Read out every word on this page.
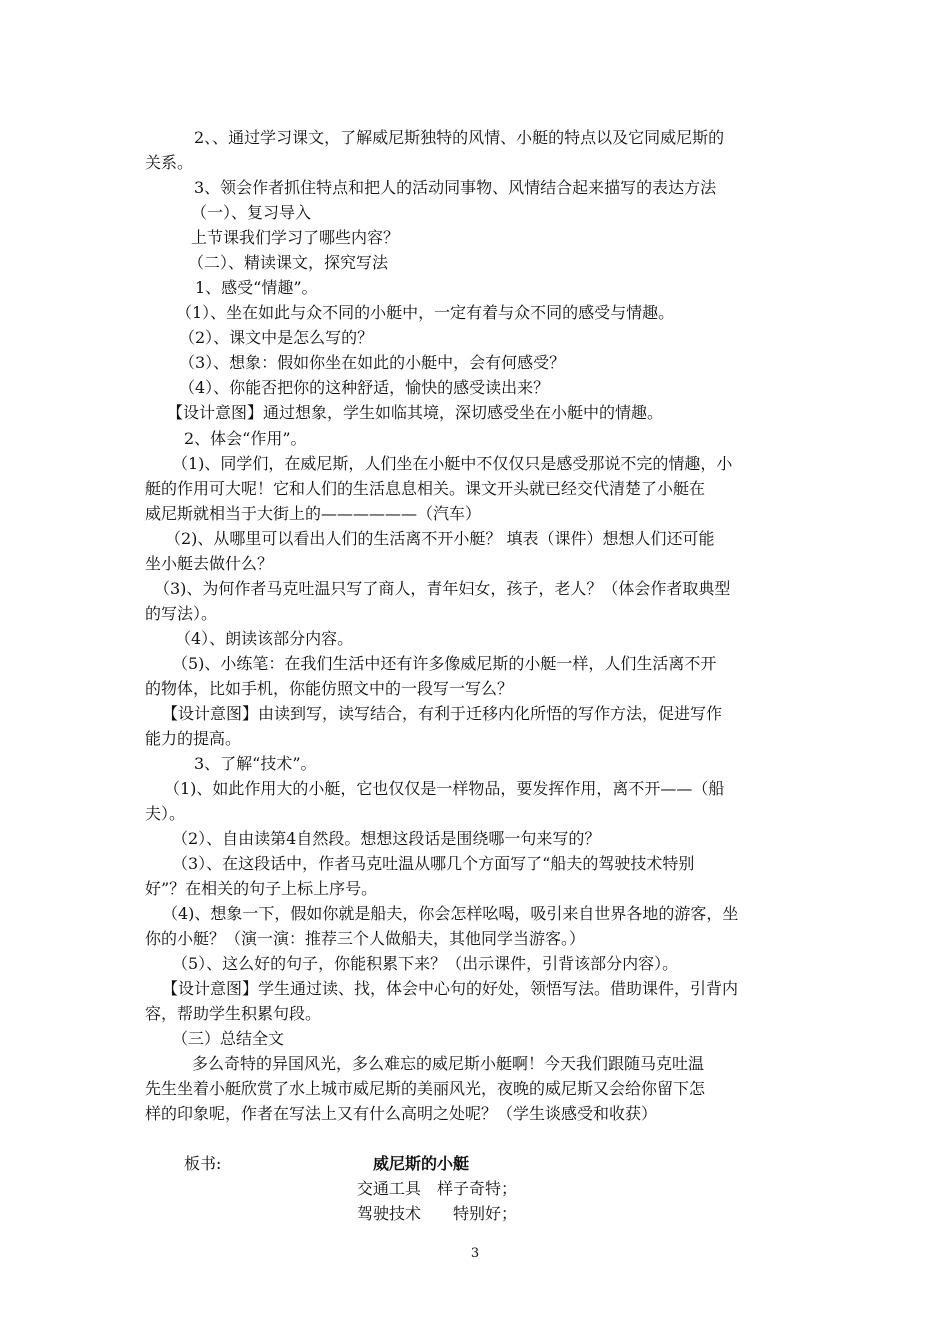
2、、通过学习课文，了解威尼斯独特的风情、小艇的特点以及它同威尼斯的
关系。
3、领会作者抓住特点和把人的活动同事物、风情结合起来描写的表达方法
（一）、复习导入
上节课我们学习了哪些内容？
（二）、精读课文，探究写法
1、感受“情趣”。
（1）、坐在如此与众不同的小艇中，一定有着与众不同的感受与情趣。
（2）、课文中是怎么写的？
（3）、想象：假如你坐在如此的小艇中，会有何感受？
（4）、你能否把你的这种舒适，愉快的感受读出来？
【设计意图】通过想象，学生如临其境，深切感受坐在小艇中的情趣。
2、体会“作用”。
（1)、同学们，在威尼斯，人们坐在小艇中不仅仅只是感受那说不完的情趣，小
艇的作用可大呢！它和人们的生活息息相关。课文开头就已经交代清楚了小艇在
威尼斯就相当于大街上的——————（汽车）
（2)、从哪里可以看出人们的生活离不开小艇？ 填表（课件）想想人们还可能
坐小艇去做什么？
（3)、为何作者马克吐温只写了商人，青年妇女，孩子，老人？（体会作者取典型
的写法）。
（4）、朗读该部分内容。
（5)、小练笔：在我们生活中还有许多像威尼斯的小艇一样，人们生活离不开
的物体，比如手机，你能仿照文中的一段写一写么？
【设计意图】由读到写，读写结合，有利于迁移内化所悟的写作方法，促进写作
能力的提高。
3、了解“技术”。
（1)、如此作用大的小艇，它也仅仅是一样物品，要发挥作用，离不开——（船
夫）。
（2）、自由读第4自然段。想想这段话是围绕哪一句来写的？
（3）、在这段话中，作者马克吐温从哪几个方面写了“船夫的驾驶技术特别
好”？在相关的句子上标上序号。
（4)、想象一下，假如你就是船夫，你会怎样吆喝，吸引来自世界各地的游客，坐
你的小艇？（演一演：推荐三个人做船夫，其他同学当游客。）
（5）、这么好的句子，你能积累下来？（出示课件，引背该部分内容）。
【设计意图】学生通过读、找，体会中心句的好处，领悟写法。借助课件，引背内
容，帮助学生积累句段。
（三）总结全文
多么奇特的异国风光，多么难忘的威尼斯小艇啊！今天我们跟随马克吐温
先生坐着小艇欣赏了水上城市威尼斯的美丽风光，夜晚的威尼斯又会给你留下怎
样的印象呢，作者在写法上又有什么高明之处呢？（学生谈感受和收获）
板书:	威尼斯的小艇
交通工具　样子奇特；
驾驶技术　　特别好；
3
